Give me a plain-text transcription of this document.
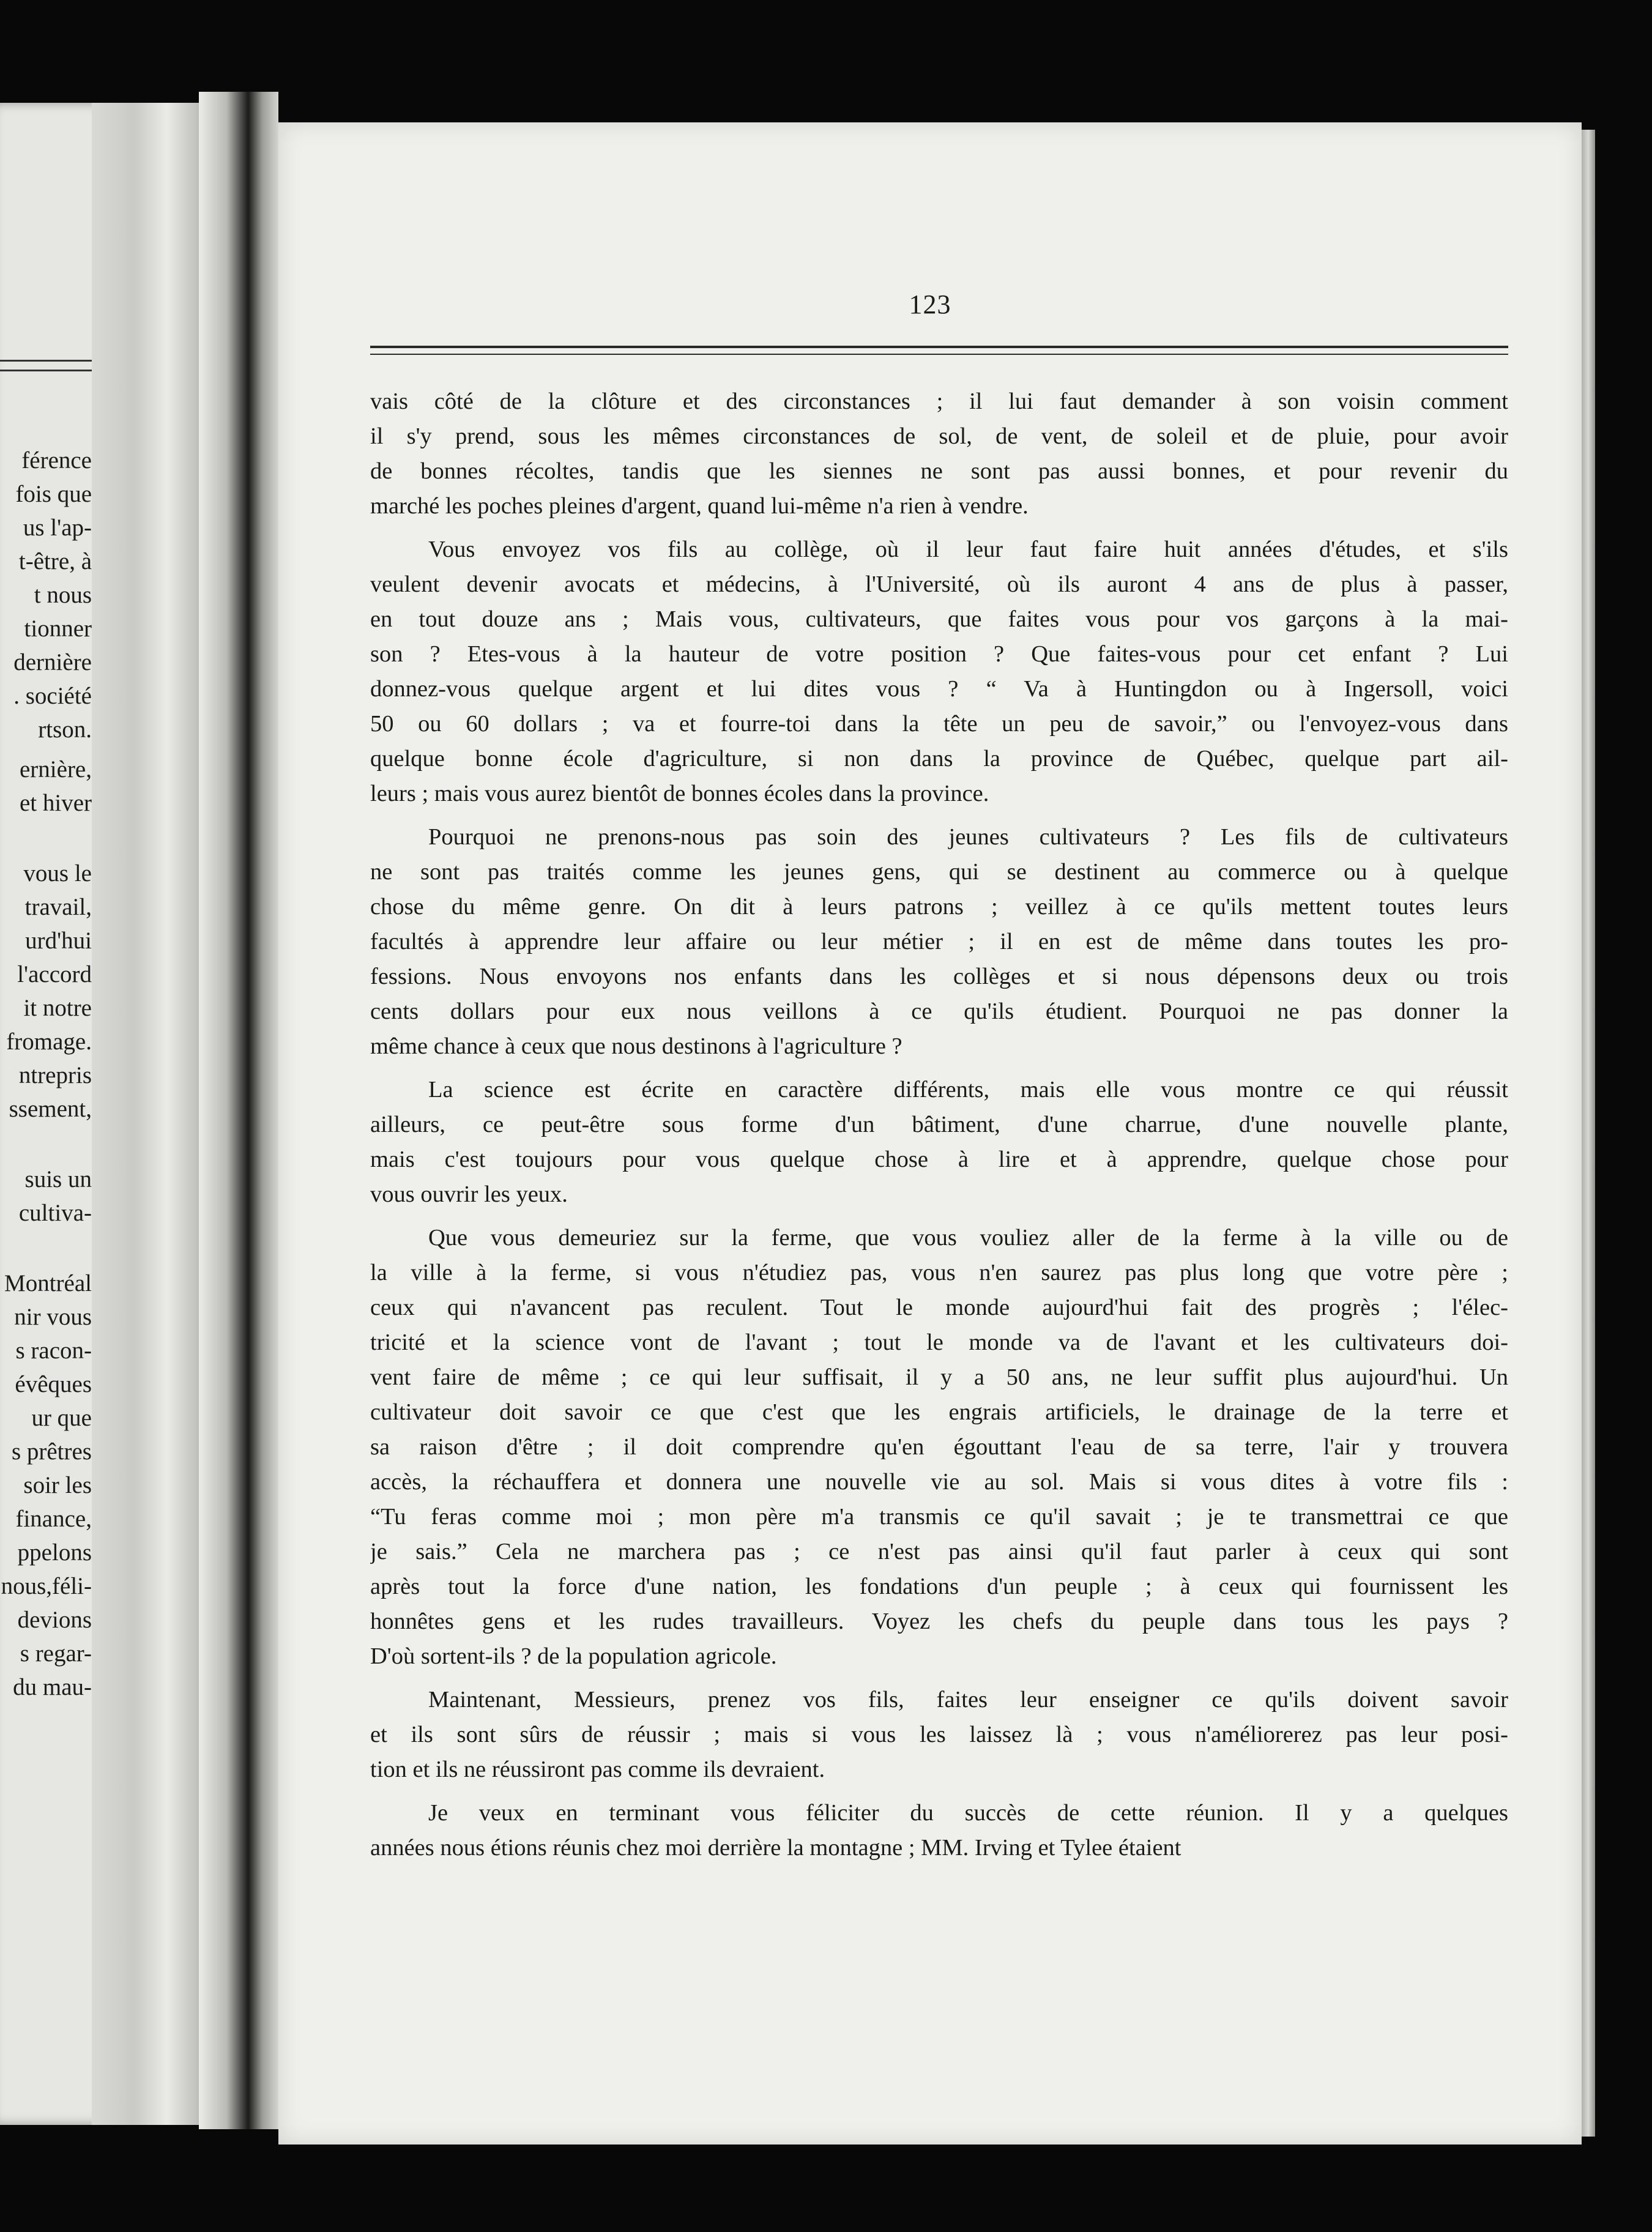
férence
fois que
us l'ap-
t-être, à
t nous
tionner
dernière
. société
rtson.
ernière,
et hiver
vous le
travail,
urd'hui
l'accord
it notre
fromage.
ntrepris
ssement,
suis un
cultiva-
Montréal
nir vous
s racon-
évêques
ur que
s prêtres
soir les
finance,
ppelons
nous,féli-
devions
s regar-
du mau-
123
vais côté de la clôture et des circonstances ; il lui faut demander à son voisin comment
il s'y prend, sous les mêmes circonstances de sol, de vent, de soleil et de pluie, pour avoir
de bonnes récoltes, tandis que les siennes ne sont pas aussi bonnes, et pour revenir du
marché les poches pleines d'argent, quand lui-même n'a rien à vendre.
Vous envoyez vos fils au collège, où il leur faut faire huit années d'études, et s'ils
veulent devenir avocats et médecins, à l'Université, où ils auront 4 ans de plus à passer,
en tout douze ans ; Mais vous, cultivateurs, que faites vous pour vos garçons à la mai-
son ? Etes-vous à la hauteur de votre position ? Que faites-vous pour cet enfant ? Lui
donnez-vous quelque argent et lui dites vous ? “ Va à Huntingdon ou à Ingersoll, voici
50 ou 60 dollars ; va et fourre-toi dans la tête un peu de savoir,” ou l'envoyez-vous dans
quelque bonne école d'agriculture, si non dans la province de Québec, quelque part ail-
leurs ; mais vous aurez bientôt de bonnes écoles dans la province.
Pourquoi ne prenons-nous pas soin des jeunes cultivateurs ? Les fils de cultivateurs
ne sont pas traités comme les jeunes gens, qui se destinent au commerce ou à quelque
chose du même genre. On dit à leurs patrons ; veillez à ce qu'ils mettent toutes leurs
facultés à apprendre leur affaire ou leur métier ; il en est de même dans toutes les pro-
fessions. Nous envoyons nos enfants dans les collèges et si nous dépensons deux ou trois
cents dollars pour eux nous veillons à ce qu'ils étudient. Pourquoi ne pas donner la
même chance à ceux que nous destinons à l'agriculture ?
La science est écrite en caractère différents, mais elle vous montre ce qui réussit
ailleurs, ce peut-être sous forme d'un bâtiment, d'une charrue, d'une nouvelle plante,
mais c'est toujours pour vous quelque chose à lire et à apprendre, quelque chose pour
vous ouvrir les yeux.
Que vous demeuriez sur la ferme, que vous vouliez aller de la ferme à la ville ou de
la ville à la ferme, si vous n'étudiez pas, vous n'en saurez pas plus long que votre père ;
ceux qui n'avancent pas reculent. Tout le monde aujourd'hui fait des progrès ; l'élec-
tricité et la science vont de l'avant ; tout le monde va de l'avant et les cultivateurs doi-
vent faire de même ; ce qui leur suffisait, il y a 50 ans, ne leur suffit plus aujourd'hui. Un
cultivateur doit savoir ce que c'est que les engrais artificiels, le drainage de la terre et
sa raison d'être ; il doit comprendre qu'en égouttant l'eau de sa terre, l'air y trouvera
accès, la réchauffera et donnera une nouvelle vie au sol. Mais si vous dites à votre fils :
“Tu feras comme moi ; mon père m'a transmis ce qu'il savait ; je te transmettrai ce que
je sais.” Cela ne marchera pas ; ce n'est pas ainsi qu'il faut parler à ceux qui sont
après tout la force d'une nation, les fondations d'un peuple ; à ceux qui fournissent les
honnêtes gens et les rudes travailleurs. Voyez les chefs du peuple dans tous les pays ?
D'où sortent-ils ? de la population agricole.
Maintenant, Messieurs, prenez vos fils, faites leur enseigner ce qu'ils doivent savoir
et ils sont sûrs de réussir ; mais si vous les laissez là ; vous n'améliorerez pas leur posi-
tion et ils ne réussiront pas comme ils devraient.
Je veux en terminant vous féliciter du succès de cette réunion. Il y a quelques
années nous étions réunis chez moi derrière la montagne ; MM. Irving et Tylee étaient
